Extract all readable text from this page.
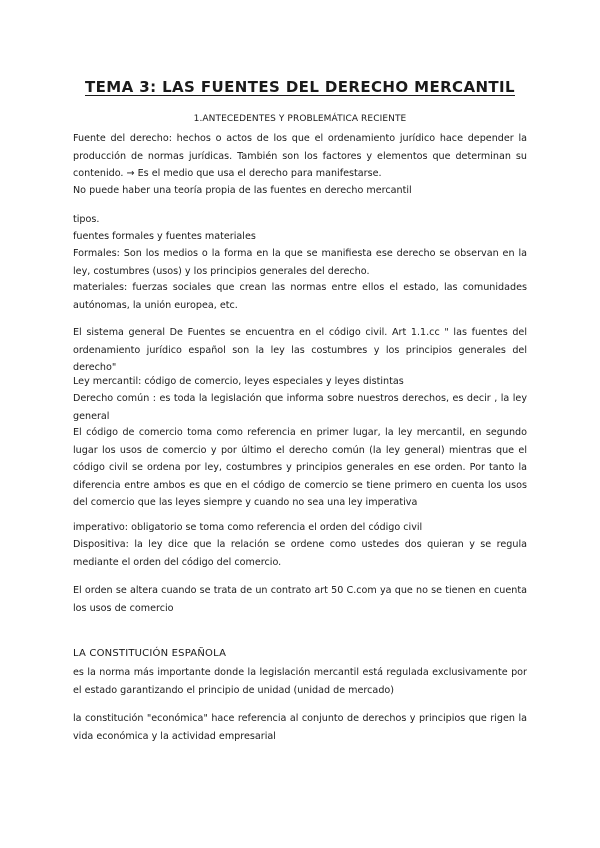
TEMA 3: LAS FUENTES DEL DERECHO MERCANTIL
1.ANTECEDENTES Y PROBLEMÁTICA RECIENTE

Fuente del derecho: hechos o actos de los que el ordenamiento jurídico hace depender la producción de normas jurídicas. También son los factores y elementos que determinan su contenido. → Es el medio que usa el derecho para manifestarse.

No puede haber una teoría propia de las fuentes en derecho mercantil

tipos.

fuentes formales y fuentes materiales

Formales: Son los medios o la forma en la que se manifiesta ese derecho se observan en la ley, costumbres (usos) y los principios generales del derecho.

materiales: fuerzas sociales que crean las normas entre ellos el estado, las comunidades autónomas, la unión europea, etc.

El sistema general De Fuentes se encuentra en el código civil. Art 1.1.cc " las fuentes del ordenamiento jurídico español son la ley las costumbres y los principios generales del derecho"

Ley mercantil: código de comercio, leyes especiales y leyes distintas

Derecho común : es toda la legislación que informa sobre nuestros derechos, es decir , la ley general

El código de comercio toma como referencia en primer lugar, la ley mercantil, en segundo lugar los usos de comercio y por último el derecho común (la ley general) mientras que el código civil se ordena por ley, costumbres y principios generales en ese orden. Por tanto la diferencia entre ambos es que en el código de comercio se tiene primero en cuenta los usos del comercio que las leyes siempre y cuando no sea una ley imperativa

imperativo: obligatorio se toma como referencia el orden del código civil

Dispositiva: la ley dice que la relación se ordene como ustedes dos quieran y se regula mediante el orden del código del comercio.

El orden se altera cuando se trata de un contrato art 50 C.com ya que no se tienen en cuenta los usos de comercio

LA CONSTITUCIÓN ESPAÑOLA

es la norma más importante donde la legislación mercantil está regulada exclusivamente por el estado garantizando el principio de unidad (unidad de mercado)

la constitución "económica" hace referencia al conjunto de derechos y principios que rigen la vida económica y la actividad empresarial
